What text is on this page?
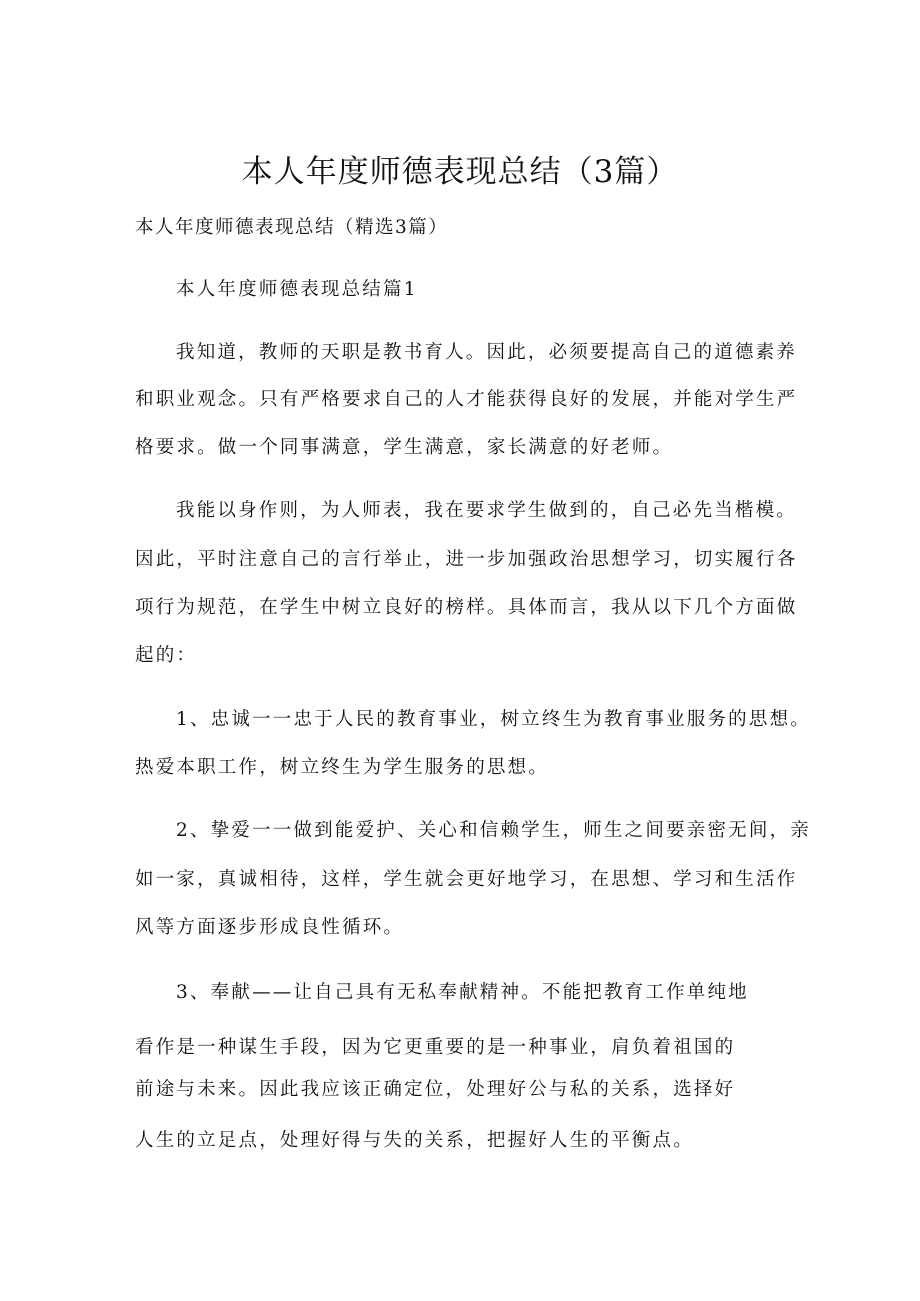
本人年度师德表现总结（3篇）
本人年度师德表现总结（精选3篇）
本人年度师德表现总结篇1
我知道，教师的天职是教书育人。因此，必须要提高自己的道德素养
和职业观念。只有严格要求自己的人才能获得良好的发展，并能对学生严
格要求。做一个同事满意，学生满意，家长满意的好老师。
我能以身作则，为人师表，我在要求学生做到的，自己必先当楷模。
因此，平时注意自己的言行举止，进一步加强政治思想学习，切实履行各
项行为规范，在学生中树立良好的榜样。具体而言，我从以下几个方面做
起的：
1、忠诚一一忠于人民的教育事业，树立终生为教育事业服务的思想。
热爱本职工作，树立终生为学生服务的思想。
2、挚爱一一做到能爱护、关心和信赖学生，师生之间要亲密无间，亲
如一家，真诚相待，这样，学生就会更好地学习，在思想、学习和生活作
风等方面逐步形成良性循环。
3、奉献——让自己具有无私奉献精神。不能把教育工作单纯地
看作是一种谋生手段，因为它更重要的是一种事业，肩负着祖国的
前途与未来。因此我应该正确定位，处理好公与私的关系，选择好
人生的立足点，处理好得与失的关系，把握好人生的平衡点。
